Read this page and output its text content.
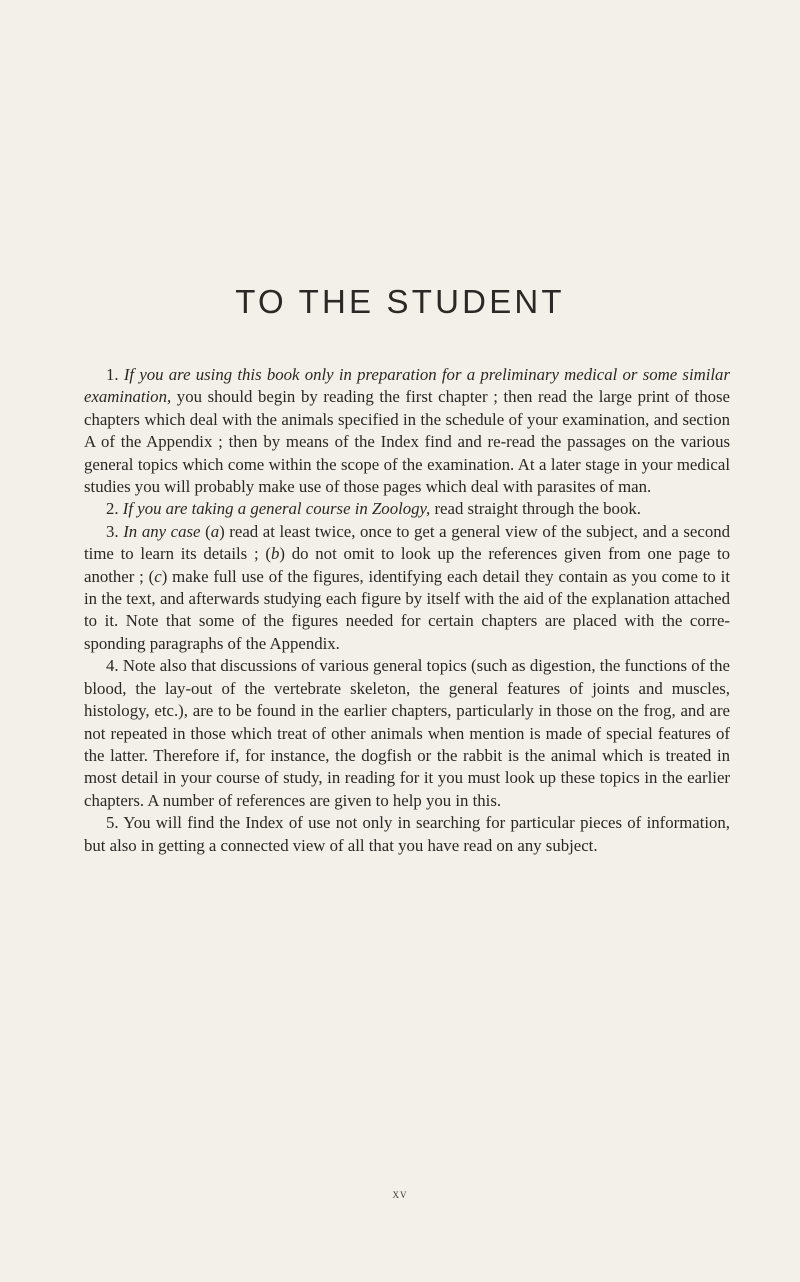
TO THE STUDENT

1. If you are using this book only in preparation for a preliminary medical or some similar examination, you should begin by reading the first chapter ; then read the large print of those chapters which deal with the animals specified in the schedule of your examination, and section A of the Appendix ; then by means of the Index find and re-read the passages on the various general topics which come within the scope of the examination. At a later stage in your medical studies you will probably make use of those pages which deal with parasites of man.

2. If you are taking a general course in Zoology, read straight through the book.

3. In any case (a) read at least twice, once to get a general view of the subject, and a second time to learn its details ; (b) do not omit to look up the references given from one page to another ; (c) make full use of the figures, identifying each detail they contain as you come to it in the text, and afterwards studying each figure by itself with the aid of the explanation attached to it. Note that some of the figures needed for certain chapters are placed with the corre-sponding paragraphs of the Appendix.

4. Note also that discussions of various general topics (such as digestion, the functions of the blood, the lay-out of the vertebrate skeleton, the general features of joints and muscles, histology, etc.), are to be found in the earlier chapters, particularly in those on the frog, and are not repeated in those which treat of other animals when mention is made of special features of the latter. Therefore if, for instance, the dogfish or the rabbit is the animal which is treated in most detail in your course of study, in reading for it you must look up these topics in the earlier chapters. A number of references are given to help you in this.

5. You will find the Index of use not only in searching for particular pieces of information, but also in getting a connected view of all that you have read on any subject.

xv
